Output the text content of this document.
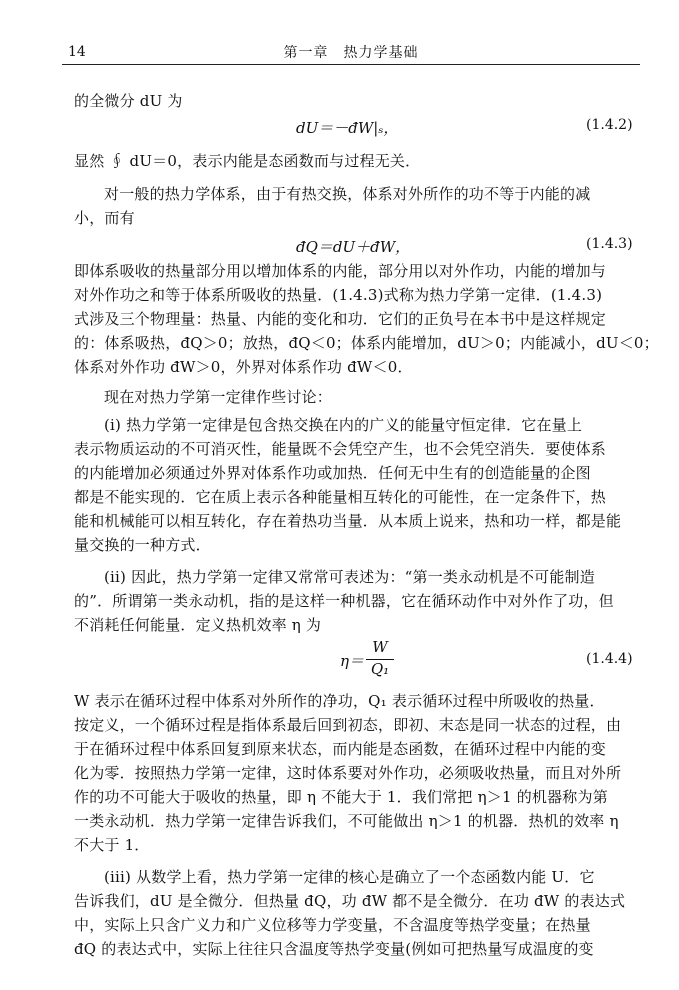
14	第一章　热力学基础
的全微分 dU 为
dU＝－đW|ₛ，	(1.4.2)
显然 ∮ dU＝0，表示内能是态函数而与过程无关．
对一般的热力学体系，由于有热交换，体系对外所作的功不等于内能的减
小，而有
đQ＝dU＋đW，	(1.4.3)
即体系吸收的热量部分用以增加体系的内能，部分用以对外作功，内能的增加与
对外作功之和等于体系所吸收的热量．(1.4.3)式称为热力学第一定律．(1.4.3)
式涉及三个物理量：热量、内能的变化和功．它们的正负号在本书中是这样规定
的：体系吸热，đQ＞0；放热，đQ＜0；体系内能增加，dU＞0；内能减小，dU＜0；
体系对外作功 đW＞0，外界对体系作功 đW＜0．
现在对热力学第一定律作些讨论：
(i) 热力学第一定律是包含热交换在内的广义的能量守恒定律．它在量上
表示物质运动的不可消灭性，能量既不会凭空产生，也不会凭空消失．要使体系
的内能增加必须通过外界对体系作功或加热．任何无中生有的创造能量的企图
都是不能实现的．它在质上表示各种能量相互转化的可能性，在一定条件下，热
能和机械能可以相互转化，存在着热功当量．从本质上说来，热和功一样，都是能
量交换的一种方式．
(ii) 因此，热力学第一定律又常常可表述为：“第一类永动机是不可能制造
的”．所谓第一类永动机，指的是这样一种机器，它在循环动作中对外作了功，但
不消耗任何能量．定义热机效率 η 为
η＝
W
Q₁
(1.4.4)
W 表示在循环过程中体系对外所作的净功，Q₁ 表示循环过程中所吸收的热量．
按定义，一个循环过程是指体系最后回到初态，即初、末态是同一状态的过程，由
于在循环过程中体系回复到原来状态，而内能是态函数，在循环过程中内能的变
化为零．按照热力学第一定律，这时体系要对外作功，必须吸收热量，而且对外所
作的功不可能大于吸收的热量，即 η 不能大于 1．我们常把 η＞1 的机器称为第
一类永动机．热力学第一定律告诉我们，不可能做出 η＞1 的机器．热机的效率 η
不大于 1．
(iii) 从数学上看，热力学第一定律的核心是确立了一个态函数内能 U．它
告诉我们，dU 是全微分．但热量 đQ，功 đW 都不是全微分．在功 đW 的表达式
中，实际上只含广义力和广义位移等力学变量，不含温度等热学变量；在热量
đQ 的表达式中，实际上往往只含温度等热学变量(例如可把热量写成温度的变
